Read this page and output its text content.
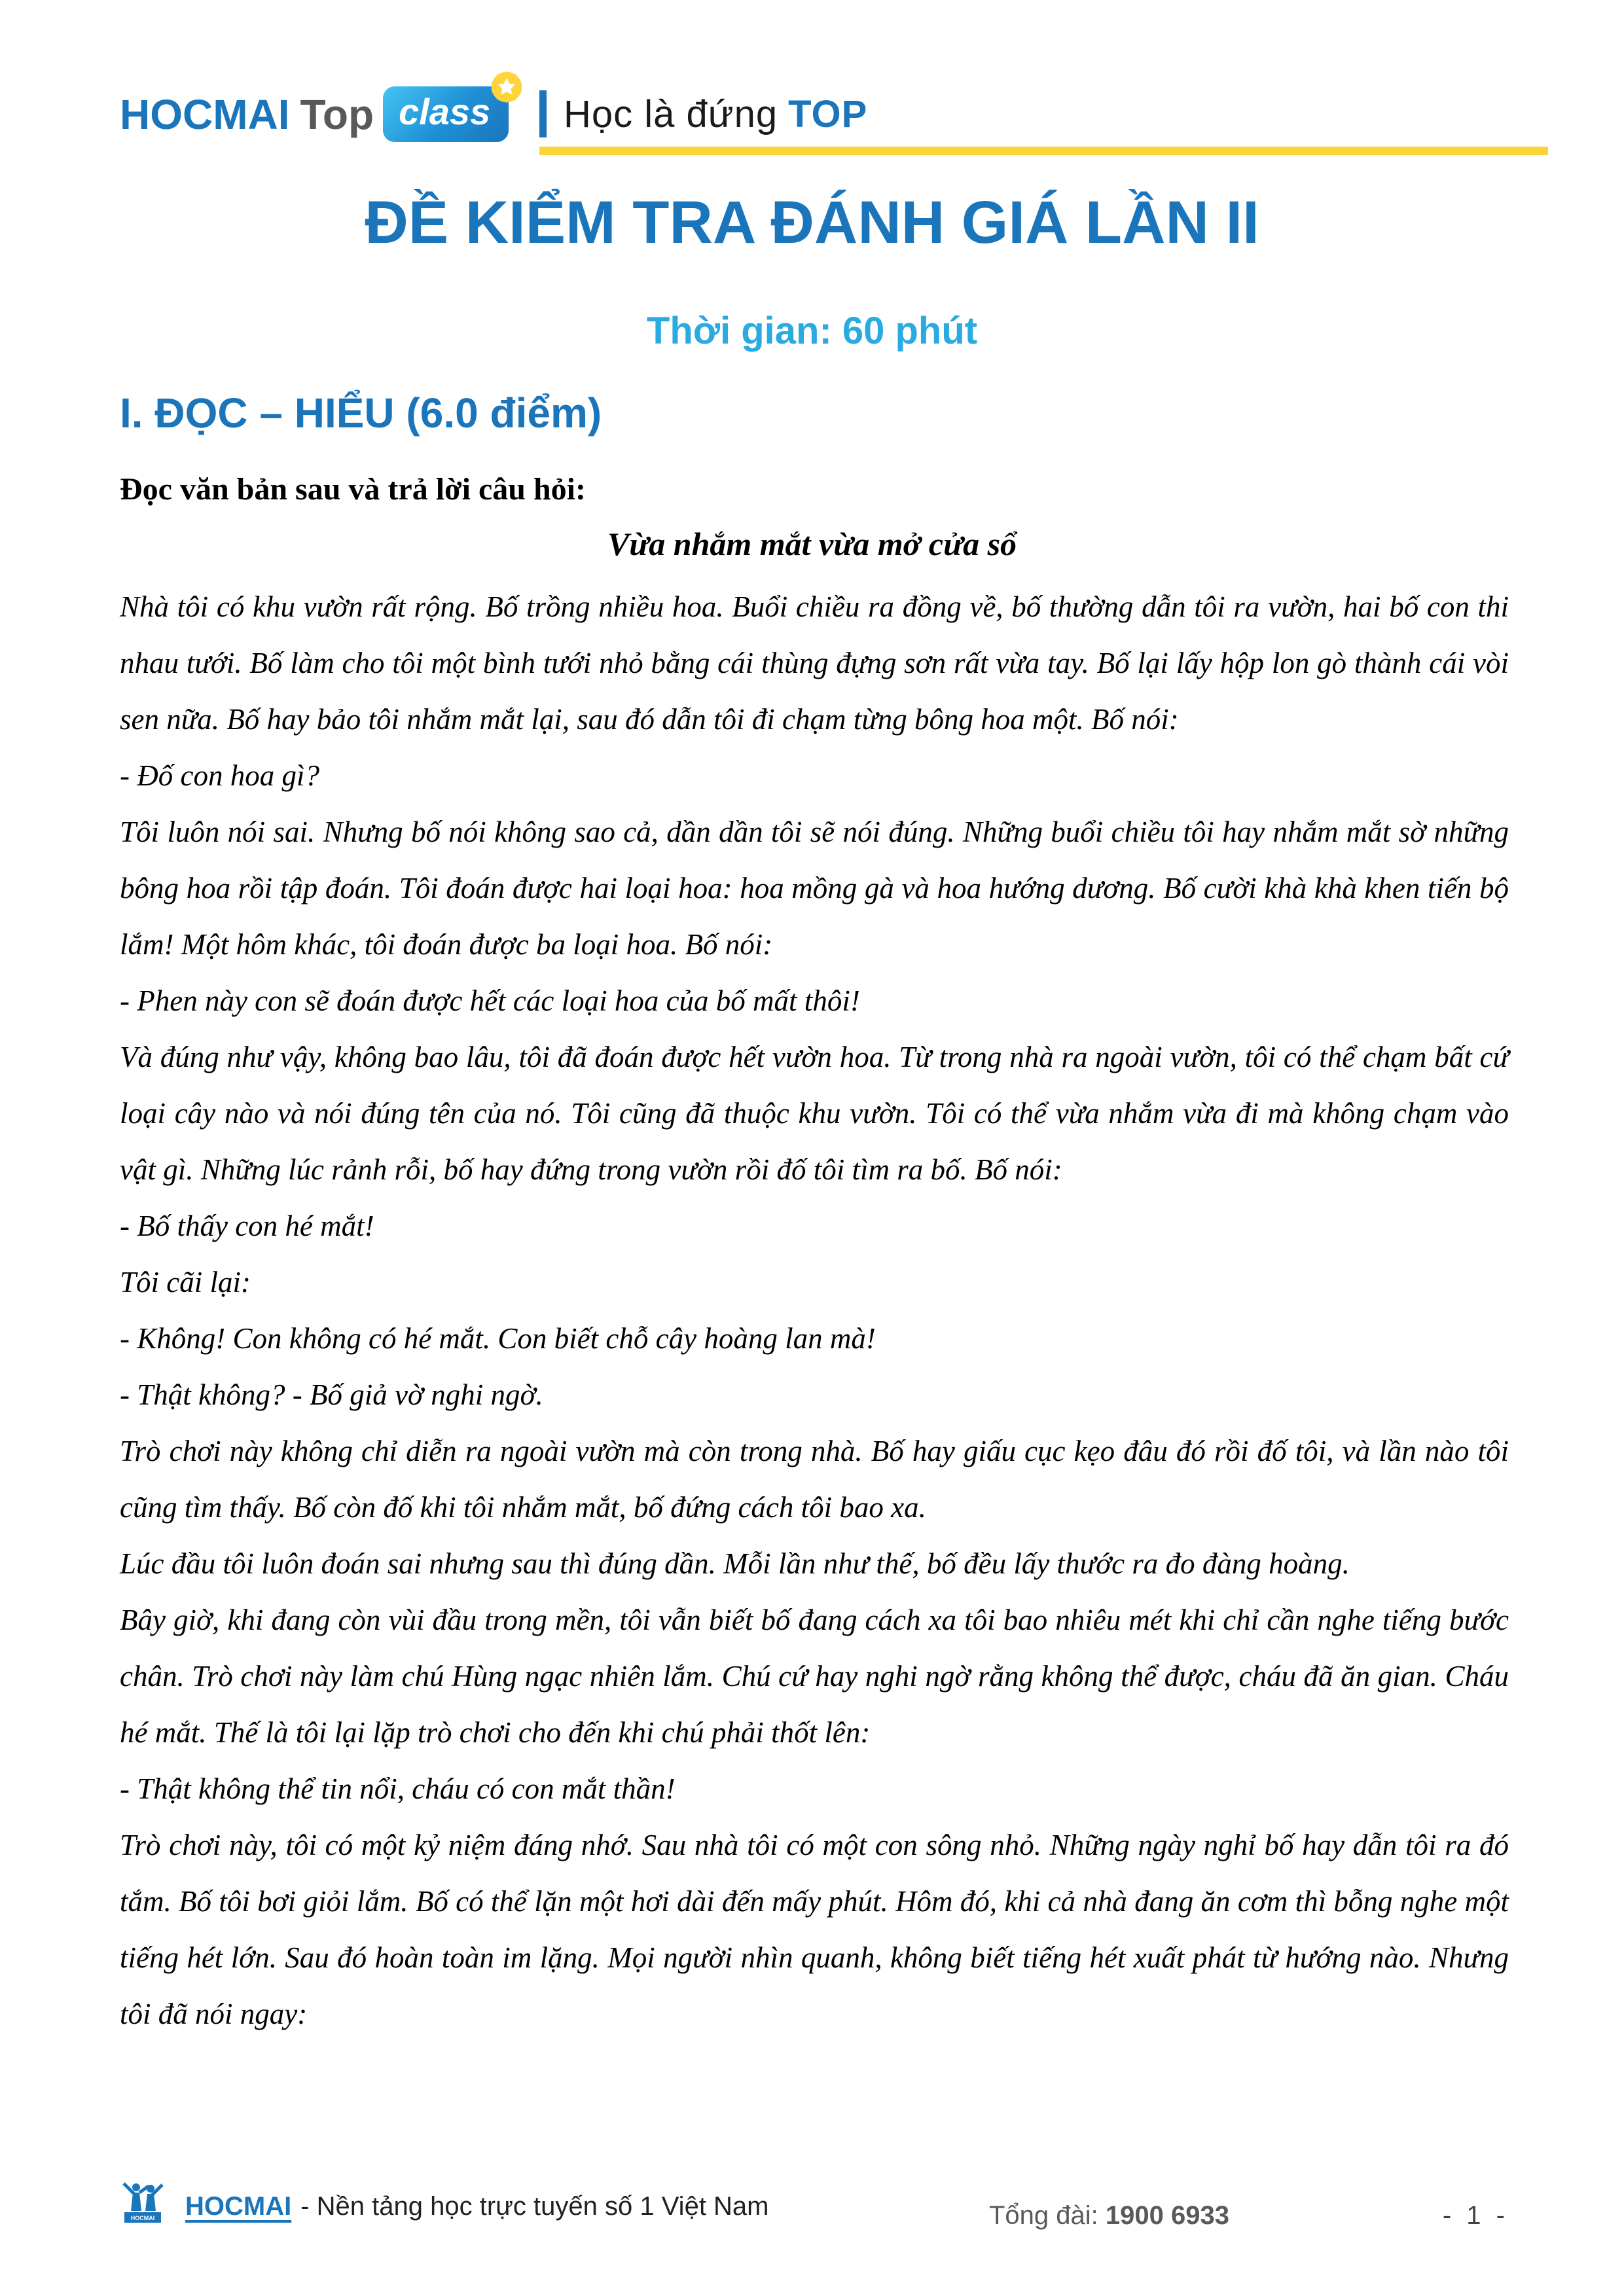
HOCMAI Top class	Học là đứng TOP
ĐỀ KIỂM TRA ĐÁNH GIÁ LẦN II
Thời gian: 60 phút
I. ĐỌC – HIỂU (6.0 điểm)
Đọc văn bản sau và trả lời câu hỏi:
Vừa nhắm mắt vừa mở cửa sổ

Nhà tôi có khu vườn rất rộng. Bố trồng nhiều hoa. Buổi chiều ra đồng về, bố thường dẫn tôi ra vườn, hai bố con thi nhau tưới. Bố làm cho tôi một bình tưới nhỏ bằng cái thùng đựng sơn rất vừa tay. Bố lại lấy hộp lon gò thành cái vòi sen nữa. Bố hay bảo tôi nhắm mắt lại, sau đó dẫn tôi đi chạm từng bông hoa một. Bố nói:

- Đố con hoa gì?

Tôi luôn nói sai. Nhưng bố nói không sao cả, dần dần tôi sẽ nói đúng. Những buổi chiều tôi hay nhắm mắt sờ những bông hoa rồi tập đoán. Tôi đoán được hai loại hoa: hoa mồng gà và hoa hướng dương. Bố cười khà khà khen tiến bộ lắm! Một hôm khác, tôi đoán được ba loại hoa. Bố nói:

- Phen này con sẽ đoán được hết các loại hoa của bố mất thôi!

Và đúng như vậy, không bao lâu, tôi đã đoán được hết vườn hoa. Từ trong nhà ra ngoài vườn, tôi có thể chạm bất cứ loại cây nào và nói đúng tên của nó. Tôi cũng đã thuộc khu vườn. Tôi có thể vừa nhắm vừa đi mà không chạm vào vật gì. Những lúc rảnh rỗi, bố hay đứng trong vườn rồi đố tôi tìm ra bố. Bố nói:

- Bố thấy con hé mắt!

Tôi cãi lại:

- Không! Con không có hé mắt. Con biết chỗ cây hoàng lan mà!

- Thật không? - Bố giả vờ nghi ngờ.

Trò chơi này không chỉ diễn ra ngoài vườn mà còn trong nhà. Bố hay giấu cục kẹo đâu đó rồi đố tôi, và lần nào tôi cũng tìm thấy. Bố còn đố khi tôi nhắm mắt, bố đứng cách tôi bao xa.

Lúc đầu tôi luôn đoán sai nhưng sau thì đúng dần. Mỗi lần như thế, bố đều lấy thước ra đo đàng hoàng.

Bây giờ, khi đang còn vùi đầu trong mền, tôi vẫn biết bố đang cách xa tôi bao nhiêu mét khi chỉ cần nghe tiếng bước chân. Trò chơi này làm chú Hùng ngạc nhiên lắm. Chú cứ hay nghi ngờ rằng không thể được, cháu đã ăn gian. Cháu hé mắt. Thế là tôi lại lặp trò chơi cho đến khi chú phải thốt lên:

- Thật không thể tin nổi, cháu có con mắt thần!

Trò chơi này, tôi có một kỷ niệm đáng nhớ. Sau nhà tôi có một con sông nhỏ. Những ngày nghỉ bố hay dẫn tôi ra đó tắm. Bố tôi bơi giỏi lắm. Bố có thể lặn một hơi dài đến mấy phút. Hôm đó, khi cả nhà đang ăn cơm thì bỗng nghe một tiếng hét lớn. Sau đó hoàn toàn im lặng. Mọi người nhìn quanh, không biết tiếng hét xuất phát từ hướng nào. Nhưng tôi đã nói ngay:

HOCMAI HOCMAI - Nền tảng học trực tuyến số 1 Việt Nam	Tổng đài: 1900 6933	- 1 -
